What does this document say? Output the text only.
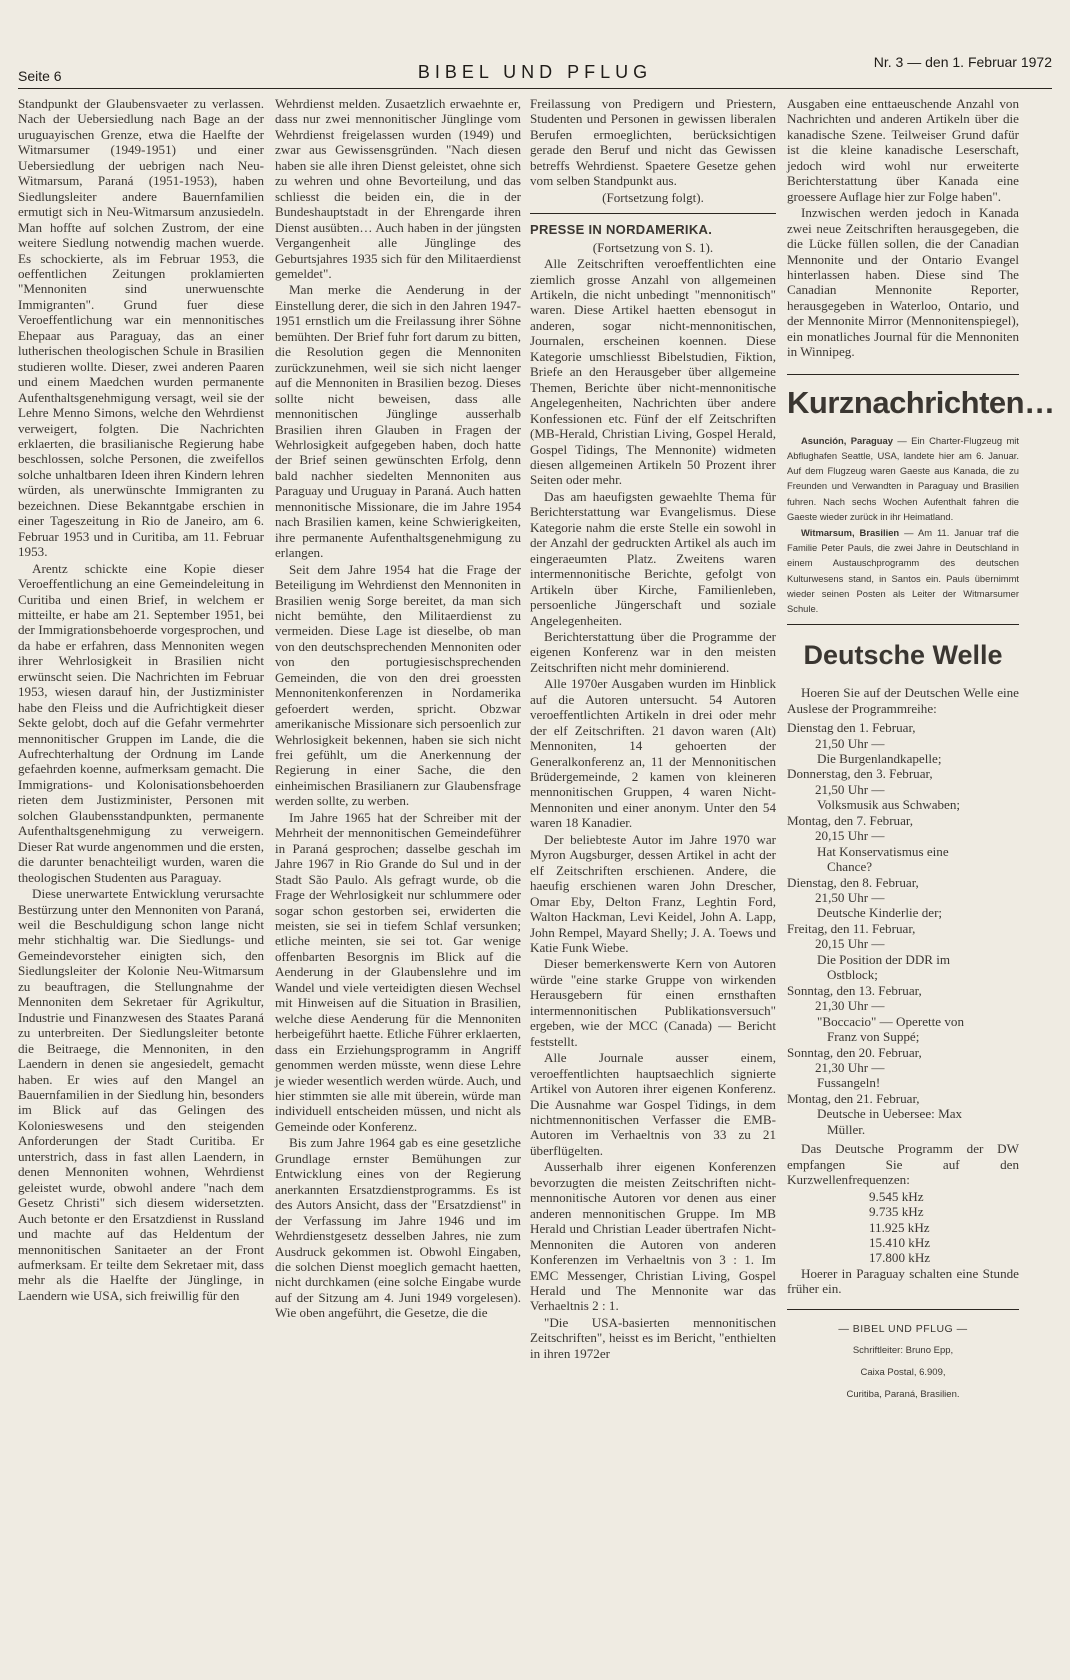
Seite 6	BIBEL UND PFLUG	Nr. 3 — den 1. Februar 1972

Standpunkt der Glaubensvaeter zu verlassen. Nach der Uebersiedlung nach Bage an der uruguayischen Grenze, etwa die Haelfte der Witmarsumer (1949-1951) und einer Uebersiedlung der uebrigen nach Neu-Witmarsum, Paraná (1951-1953), haben Siedlungsleiter andere Bauernfamilien ermutigt sich in Neu-Witmarsum anzusiedeln. Man hoffte auf solchen Zustrom, der eine weitere Siedlung notwendig machen wuerde. Es schockierte, als im Februar 1953, die oeffentlichen Zeitungen proklamierten "Mennoniten sind unerwuenschte Immigranten". Grund fuer diese Veroeffentlichung war ein mennonitisches Ehepaar aus Paraguay, das an einer lutherischen theologischen Schule in Brasilien studieren wollte. Dieser, zwei anderen Paaren und einem Maedchen wurden permanente Aufenthaltsgenehmigung versagt, weil sie der Lehre Menno Simons, welche den Wehrdienst verweigert, folgten. Die Nachrichten erklaerten, die brasilianische Regierung habe beschlossen, solche Personen, die zweifellos solche unhaltbaren Ideen ihren Kindern lehren würden, als unerwünschte Immigranten zu bezeichnen. Diese Bekanntgabe erschien in einer Tageszeitung in Rio de Janeiro, am 6. Februar 1953 und in Curitiba, am 11. Februar 1953.

Arentz schickte eine Kopie dieser Veroeffentlichung an eine Gemeindeleitung in Curitiba und einen Brief, in welchem er mitteilte, er habe am 21. September 1951, bei der Immigrationsbehoerde vorgesprochen, und da habe er erfahren, dass Mennoniten wegen ihrer Wehrlosigkeit in Brasilien nicht erwünscht seien. Die Nachrichten im Februar 1953, wiesen darauf hin, der Justizminister habe den Fleiss und die Aufrichtigkeit dieser Sekte gelobt, doch auf die Gefahr vermehrter mennonitischer Gruppen im Lande, die die Aufrechterhaltung der Ordnung im Lande gefaehrden koenne, aufmerksam gemacht. Die Immigrations- und Kolonisationsbehoerden rieten dem Justizminister, Personen mit solchen Glaubensstandpunkten, permanente Aufenthaltsgenehmigung zu verweigern. Dieser Rat wurde angenommen und die ersten, die darunter benachteiligt wurden, waren die theologischen Studenten aus Paraguay.

Diese unerwartete Entwicklung verursachte Bestürzung unter den Mennoniten von Paraná, weil die Beschuldigung schon lange nicht mehr stichhaltig war. Die Siedlungs- und Gemeindevorsteher einigten sich, den Siedlungsleiter der Kolonie Neu-Witmarsum zu beauftragen, die Stellungnahme der Mennoniten dem Sekretaer für Agrikultur, Industrie und Finanzwesen des Staates Paraná zu unterbreiten. Der Siedlungsleiter betonte die Beitraege, die Mennoniten, in den Laendern in denen sie angesiedelt, gemacht haben. Er wies auf den Mangel an Bauernfamilien in der Siedlung hin, besonders im Blick auf das Gelingen des Kolonieswesens und den steigenden Anforderungen der Stadt Curitiba. Er unterstrich, dass in fast allen Laendern, in denen Mennoniten wohnen, Wehrdienst geleistet wurde, obwohl andere "nach dem Gesetz Christi" sich diesem widersetzten. Auch betonte er den Ersatzdienst in Russland und machte auf das Heldentum der mennonitischen Sanitaeter an der Front aufmerksam. Er teilte dem Sekretaer mit, dass mehr als die Haelfte der Jünglinge, in Laendern wie USA, sich freiwillig für den

Wehrdienst melden. Zusaetzlich erwaehnte er, dass nur zwei mennonitischer Jünglinge vom Wehrdienst freigelassen wurden (1949) und zwar aus Gewissensgründen. "Nach diesen haben sie alle ihren Dienst geleistet, ohne sich zu wehren und ohne Bevorteilung, und das schliesst die beiden ein, die in der Bundeshauptstadt in der Ehrengarde ihren Dienst ausübten… Auch haben in der jüngsten Vergangenheit alle Jünglinge des Geburtsjahres 1935 sich für den Militaerdienst gemeldet".

Man merke die Aenderung in der Einstellung derer, die sich in den Jahren 1947-1951 ernstlich um die Freilassung ihrer Söhne bemühten. Der Brief fuhr fort darum zu bitten, die Resolution gegen die Mennoniten zurückzunehmen, weil sie sich nicht laenger auf die Mennoniten in Brasilien bezog. Dieses sollte nicht beweisen, dass alle mennonitischen Jünglinge ausserhalb Brasilien ihren Glauben in Fragen der Wehrlosigkeit aufgegeben haben, doch hatte der Brief seinen gewünschten Erfolg, denn bald nachher siedelten Mennoniten aus Paraguay und Uruguay in Paraná. Auch hatten mennonitische Missionare, die im Jahre 1954 nach Brasilien kamen, keine Schwierigkeiten, ihre permanente Aufenthaltsgenehmigung zu erlangen.

Seit dem Jahre 1954 hat die Frage der Beteiligung im Wehrdienst den Mennoniten in Brasilien wenig Sorge bereitet, da man sich nicht bemühte, den Militaerdienst zu vermeiden. Diese Lage ist dieselbe, ob man von den deutschsprechenden Mennoniten oder von den portugiesischsprechenden Gemeinden, die von den drei groessten Mennonitenkonferenzen in Nordamerika gefoerdert werden, spricht. Obzwar amerikanische Missionare sich persoenlich zur Wehrlosigkeit bekennen, haben sie sich nicht frei gefühlt, um die Anerkennung der Regierung in einer Sache, die den einheimischen Brasilianern zur Glaubensfrage werden sollte, zu werben.

Im Jahre 1965 hat der Schreiber mit der Mehrheit der mennonitischen Gemeindeführer in Paraná gesprochen; dasselbe geschah im Jahre 1967 in Rio Grande do Sul und in der Stadt São Paulo. Als gefragt wurde, ob die Frage der Wehrlosigkeit nur schlummere oder sogar schon gestorben sei, erwiderten die meisten, sie sei in tiefem Schlaf versunken; etliche meinten, sie sei tot. Gar wenige offenbarten Besorgnis im Blick auf die Aenderung in der Glaubenslehre und im Wandel und viele verteidigten diesen Wechsel mit Hinweisen auf die Situation in Brasilien, welche diese Aenderung für die Mennoniten herbeigeführt haette. Etliche Führer erklaerten, dass ein Erziehungsprogramm in Angriff genommen werden müsste, wenn diese Lehre je wieder wesentlich werden würde. Auch, und hier stimmten sie alle mit überein, würde man individuell entscheiden müssen, und nicht als Gemeinde oder Konferenz.

Bis zum Jahre 1964 gab es eine gesetzliche Grundlage ernster Bemühungen zur Entwicklung eines von der Regierung anerkannten Ersatzdienstprogramms. Es ist des Autors Ansicht, dass der "Ersatzdienst" in der Verfassung im Jahre 1946 und im Wehrdienstgesetz desselben Jahres, nie zum Ausdruck gekommen ist. Obwohl Eingaben, die solchen Dienst moeglich gemacht haetten, nicht durchkamen (eine solche Eingabe wurde auf der Sitzung am 4. Juni 1949 vorgelesen). Wie oben angeführt, die Gesetze, die die

Freilassung von Predigern und Priestern, Studenten und Personen in gewissen liberalen Berufen ermoeglichten, berücksichtigen gerade den Beruf und nicht das Gewissen betreffs Wehrdienst. Spaetere Gesetze gehen vom selben Standpunkt aus.

(Fortsetzung folgt).

PRESSE IN NORDAMERIKA.

(Fortsetzung von S. 1).

Alle Zeitschriften veroeffentlichten eine ziemlich grosse Anzahl von allgemeinen Artikeln, die nicht unbedingt "mennonitisch" waren. Diese Artikel haetten ebensogut in anderen, sogar nicht-mennonitischen, Journalen, erscheinen koennen. Diese Kategorie umschliesst Bibelstudien, Fiktion, Briefe an den Herausgeber über allgemeine Themen, Berichte über nicht-mennonitische Angelegenheiten, Nachrichten über andere Konfessionen etc. Fünf der elf Zeitschriften (MB-Herald, Christian Living, Gospel Herald, Gospel Tidings, The Mennonite) widmeten diesen allgemeinen Artikeln 50 Prozent ihrer Seiten oder mehr.

Das am haeufigsten gewaehlte Thema für Berichterstattung war Evangelismus. Diese Kategorie nahm die erste Stelle ein sowohl in der Anzahl der gedruckten Artikel als auch im eingeraeumten Platz. Zweitens waren intermennonitische Berichte, gefolgt von Artikeln über Kirche, Familienleben, persoenliche Jüngerschaft und soziale Angelegenheiten.

Berichterstattung über die Programme der eigenen Konferenz war in den meisten Zeitschriften nicht mehr dominierend.

Alle 1970er Ausgaben wurden im Hinblick auf die Autoren untersucht. 54 Autoren veroeffentlichten Artikeln in drei oder mehr der elf Zeitschriften. 21 davon waren (Alt) Mennoniten, 14 gehoerten der Generalkonferenz an, 11 der Mennonitischen Brüdergemeinde, 2 kamen von kleineren mennonitischen Gruppen, 4 waren Nicht-Mennoniten und einer anonym. Unter den 54 waren 18 Kanadier.

Der beliebteste Autor im Jahre 1970 war Myron Augsburger, dessen Artikel in acht der elf Zeitschriften erschienen. Andere, die haeufig erschienen waren John Drescher, Omar Eby, Delton Franz, Leghtin Ford, Walton Hackman, Levi Keidel, John A. Lapp, John Rempel, Mayard Shelly; J. A. Toews und Katie Funk Wiebe.

Dieser bemerkenswerte Kern von Autoren würde "eine starke Gruppe von wirkenden Herausgebern für einen ernsthaften intermennonitischen Publikationsversuch" ergeben, wie der MCC (Canada) — Bericht feststellt.

Alle Journale ausser einem, veroeffentlichten hauptsaechlich signierte Artikel von Autoren ihrer eigenen Konferenz. Die Ausnahme war Gospel Tidings, in dem nichtmennonitischen Verfasser die EMB-Autoren im Verhaeltnis von 33 zu 21 überflügelten.

Ausserhalb ihrer eigenen Konferenzen bevorzugten die meisten Zeitschriften nicht-mennonitische Autoren vor denen aus einer anderen mennonitischen Gruppe. Im MB Herald und Christian Leader übertrafen Nicht-Mennoniten die Autoren von anderen Konferenzen im Verhaeltnis von 3 : 1. Im EMC Messenger, Christian Living, Gospel Herald und The Mennonite war das Verhaeltnis 2 : 1.

"Die USA-basierten mennonitischen Zeitschriften", heisst es im Bericht, "enthielten in ihren 1972er

Ausgaben eine enttaeuschende Anzahl von Nachrichten und anderen Artikeln über die kanadische Szene. Teilweiser Grund dafür ist die kleine kanadische Leserschaft, jedoch wird wohl nur erweiterte Berichterstattung über Kanada eine groessere Auflage hier zur Folge haben".

Inzwischen werden jedoch in Kanada zwei neue Zeitschriften herausgegeben, die die Lücke füllen sollen, die der Canadian Mennonite und der Ontario Evangel hinterlassen haben. Diese sind The Canadian Mennonite Reporter, herausgegeben in Waterloo, Ontario, und der Mennonite Mirror (Mennonitenspiegel), ein monatliches Journal für die Mennoniten in Winnipeg.

Kurznachrichten…

Asunción, Paraguay — Ein Charter-Flugzeug mit Abflughafen Seattle, USA, landete hier am 6. Januar. Auf dem Flugzeug waren Gaeste aus Kanada, die zu Freunden und Verwandten in Paraguay und Brasilien fuhren. Nach sechs Wochen Aufenthalt fahren die Gaeste wieder zurück in ihr Heimatland.

Witmarsum, Brasilien — Am 11. Januar traf die Familie Peter Pauls, die zwei Jahre in Deutschland in einem Austauschprogramm des deutschen Kulturwesens stand, in Santos ein. Pauls übernimmt wieder seinen Posten als Leiter der Witmarsumer Schule.

Deutsche Welle

Hoeren Sie auf der Deutschen Welle eine Auslese der Programmreihe:

Dienstag den 1. Februar,
21,50 Uhr —
Die Burgenlandkapelle;
Donnerstag, den 3. Februar,
21,50 Uhr —
Volksmusik aus Schwaben;
Montag, den 7. Februar,
20,15 Uhr —
Hat Konservatismus eine
Chance?
Dienstag, den 8. Februar,
21,50 Uhr —
Deutsche Kinderlie der;
Freitag, den 11. Februar,
20,15 Uhr —
Die Position der DDR im
Ostblock;
Sonntag, den 13. Februar,
21,30 Uhr —
"Boccacio" — Operette von
Franz von Suppé;
Sonntag, den 20. Februar,
21,30 Uhr —
Fussangeln!
Montag, den 21. Februar,
Deutsche in Uebersee: Max
Müller.

Das Deutsche Programm der DW empfangen Sie auf den Kurzwellenfrequenzen:

9.545 kHz
9.735 kHz
11.925 kHz
15.410 kHz
17.800 kHz

Hoerer in Paraguay schalten eine Stunde früher ein.

— BIBEL UND PFLUG —
Schriftleiter: Bruno Epp,
Caixa Postal, 6.909,
Curitiba, Paraná, Brasilien.
